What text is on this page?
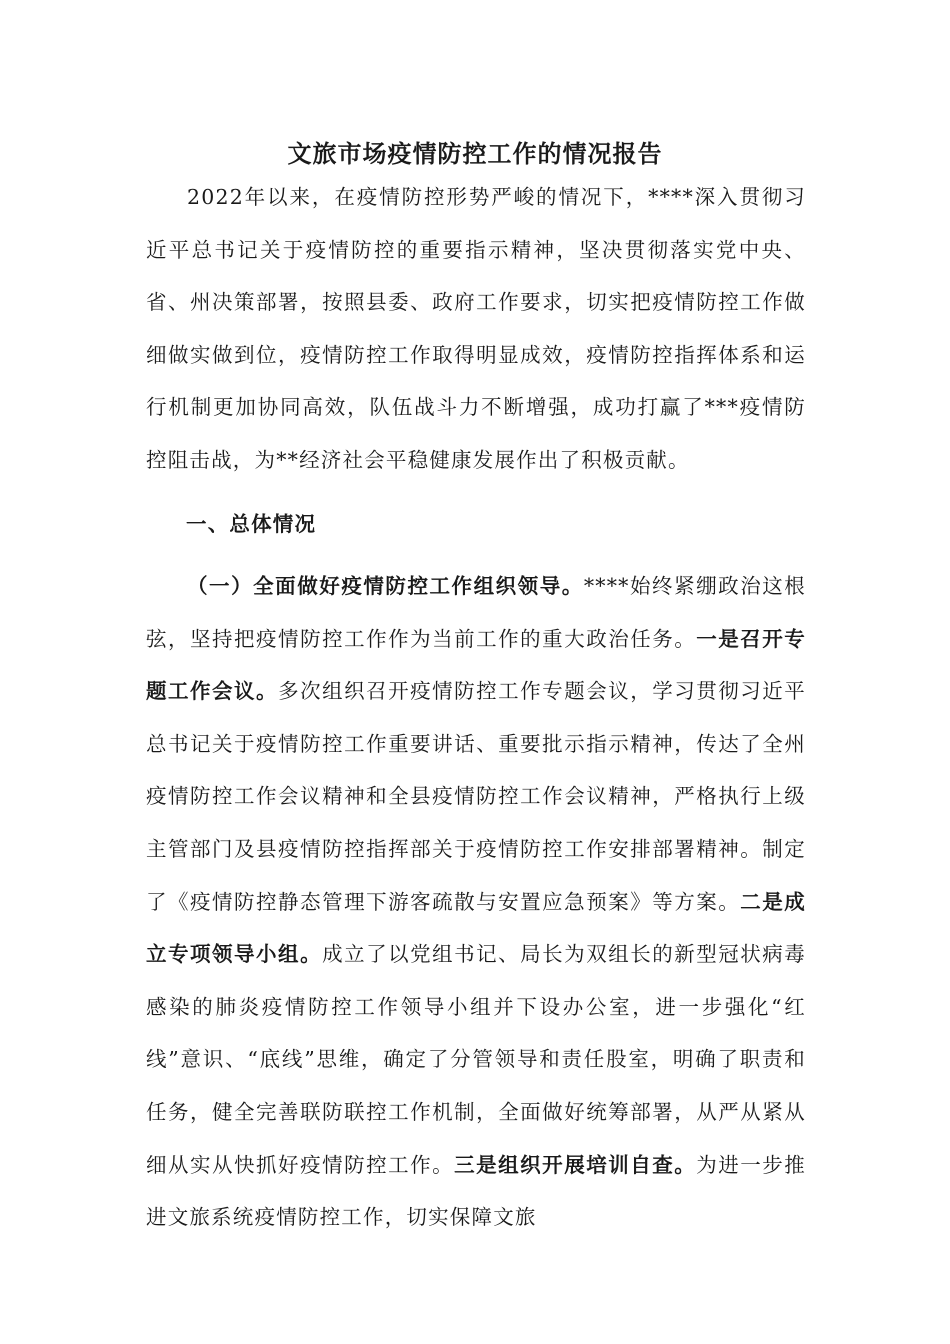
文旅市场疫情防控工作的情况报告

2022年以来，在疫情防控形势严峻的情况下，****深入贯彻习近平总书记关于疫情防控的重要指示精神，坚决贯彻落实党中央、省、州决策部署，按照县委、政府工作要求，切实把疫情防控工作做细做实做到位，疫情防控工作取得明显成效，疫情防控指挥体系和运行机制更加协同高效，队伍战斗力不断增强，成功打赢了***疫情防控阻击战，为**经济社会平稳健康发展作出了积极贡献。

一、总体情况

（一）全面做好疫情防控工作组织领导。****始终紧绷政治这根弦，坚持把疫情防控工作作为当前工作的重大政治任务。一是召开专题工作会议。多次组织召开疫情防控工作专题会议，学习贯彻习近平总书记关于疫情防控工作重要讲话、重要批示指示精神，传达了全州疫情防控工作会议精神和全县疫情防控工作会议精神，严格执行上级主管部门及县疫情防控指挥部关于疫情防控工作安排部署精神。制定了《疫情防控静态管理下游客疏散与安置应急预案》等方案。二是成立专项领导小组。成立了以党组书记、局长为双组长的新型冠状病毒感染的肺炎疫情防控工作领导小组并下设办公室，进一步强化“红线”意识、“底线”思维，确定了分管领导和责任股室，明确了职责和任务，健全完善联防联控工作机制，全面做好统筹部署，从严从紧从细从实从快抓好疫情防控工作。三是组织开展培训自查。为进一步推进文旅系统疫情防控工作，切实保障文旅
